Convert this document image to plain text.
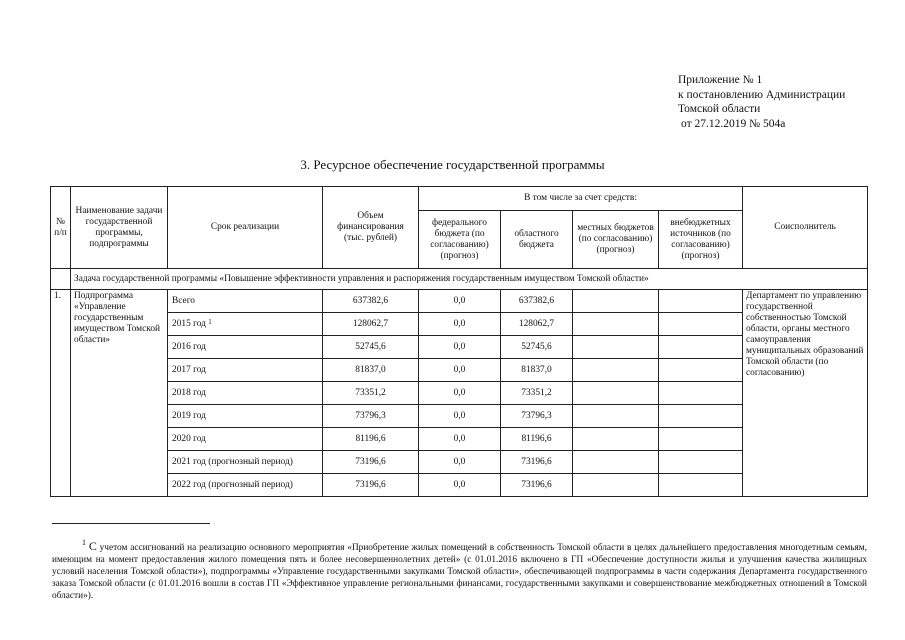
Приложение № 1
к постановлению Администрации
Томской области
от 27.12.2019 № 504а
3. Ресурсное обеспечение государственной программы
№ п/п	Наименование задачи государственной программы, подпрограммы	Срок реализации	Объем финансирования (тыс. рублей)	В том числе за счет средств:				Соисполнитель
				федерального бюджета (по согласованию) (прогноз)	областного бюджета	местных бюджетов (по согласованию) (прогноз)	внебюджетных источников (по согласованию) (прогноз)	
	Задача государственной программы «Повышение эффективности управления и распоряжения государственным имуществом Томской области»							
1.	Подпрограмма «Управление государственным имуществом Томской области»	Всего	637382,6	0,0	637382,6			Департамент по управлению государственной собственностью Томской области, органы местного самоуправления муниципальных образований Томской области (по согласованию)
		2015 год $^1$	128062,7	0,0	128062,7			
		2016 год	52745,6	0,0	52745,6			
		2017 год	81837,0	0,0	81837,0			
		2018 год	73351,2	0,0	73351,2			
		2019 год	73796,3	0,0	73796,3			
		2020 год	81196,6	0,0	81196,6			
		2021 год (прогнозный период)	73196,6	0,0	73196,6			
		2022 год (прогнозный период)	73196,6	0,0	73196,6			
1 С учетом ассигнований на реализацию основного мероприятия «Приобретение жилых помещений в собственность Томской области в целях дальнейшего предоставления многодетным семьям, имеющим на момент предоставления жилого помещения пять и более несовершеннолетних детей» (с 01.01.2016 включено в ГП «Обеспечение доступности жилья и улучшения качества жилищных условий населения Томской области»), подпрограммы «Управление государственными закупками Томской области», обеспечивающей подпрограммы в части содержания Департамента государственного заказа Томской области (с 01.01.2016 вошли в состав ГП «Эффективное управление региональными финансами, государственными закупками и совершенствование межбюджетных отношений в Томской области»).
